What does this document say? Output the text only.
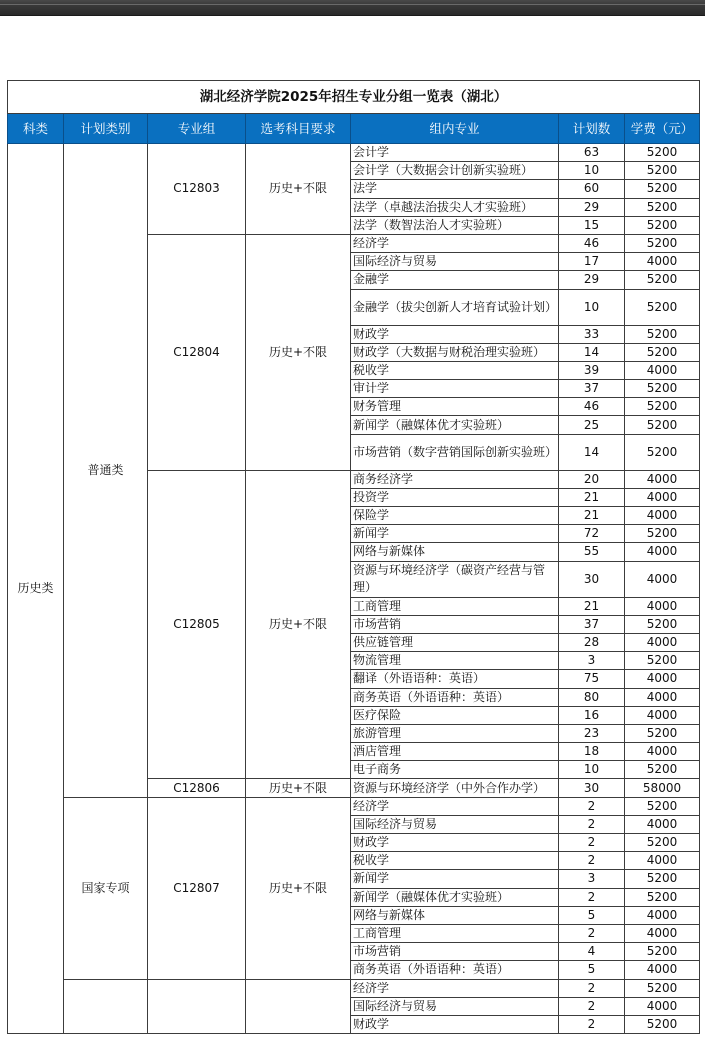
湖北经济学院2025年招生专业分组一览表（湖北）						
科类	计划类别	专业组	选考科目要求	组内专业	计划数	学费（元）
历史类	普通类	C12803	历史+不限	会计学	63	5200
				会计学（大数据会计创新实验班）	10	5200
				法学	60	5200
				法学（卓越法治拔尖人才实验班）	29	5200
				法学（数智法治人才实验班）	15	5200
		C12804	历史+不限	经济学	46	5200
				国际经济与贸易	17	4000
				金融学	29	5200
				金融学（拔尖创新人才培育试验计划）	10	5200
				财政学	33	5200
				财政学（大数据与财税治理实验班）	14	5200
				税收学	39	4000
				审计学	37	5200
				财务管理	46	5200
				新闻学（融媒体优才实验班）	25	5200
				市场营销（数字营销国际创新实验班）	14	5200
		C12805	历史+不限	商务经济学	20	4000
				投资学	21	4000
				保险学	21	4000
				新闻学	72	5200
				网络与新媒体	55	4000
				资源与环境经济学（碳资产经营与管理）	30	4000
				工商管理	21	4000
				市场营销	37	5200
				供应链管理	28	4000
				物流管理	3	5200
				翻译（外语语种：英语）	75	4000
				商务英语（外语语种：英语）	80	4000
				医疗保险	16	4000
				旅游管理	23	5200
				酒店管理	18	4000
				电子商务	10	5200
		C12806	历史+不限	资源与环境经济学（中外合作办学）	30	58000
	国家专项	C12807	历史+不限	经济学	2	5200
				国际经济与贸易	2	4000
				财政学	2	5200
				税收学	2	4000
				新闻学	3	5200
				新闻学（融媒体优才实验班）	2	5200
				网络与新媒体	5	4000
				工商管理	2	4000
				市场营销	4	5200
				商务英语（外语语种：英语）	5	4000
				经济学	2	5200
				国际经济与贸易	2	4000
				财政学	2	5200
